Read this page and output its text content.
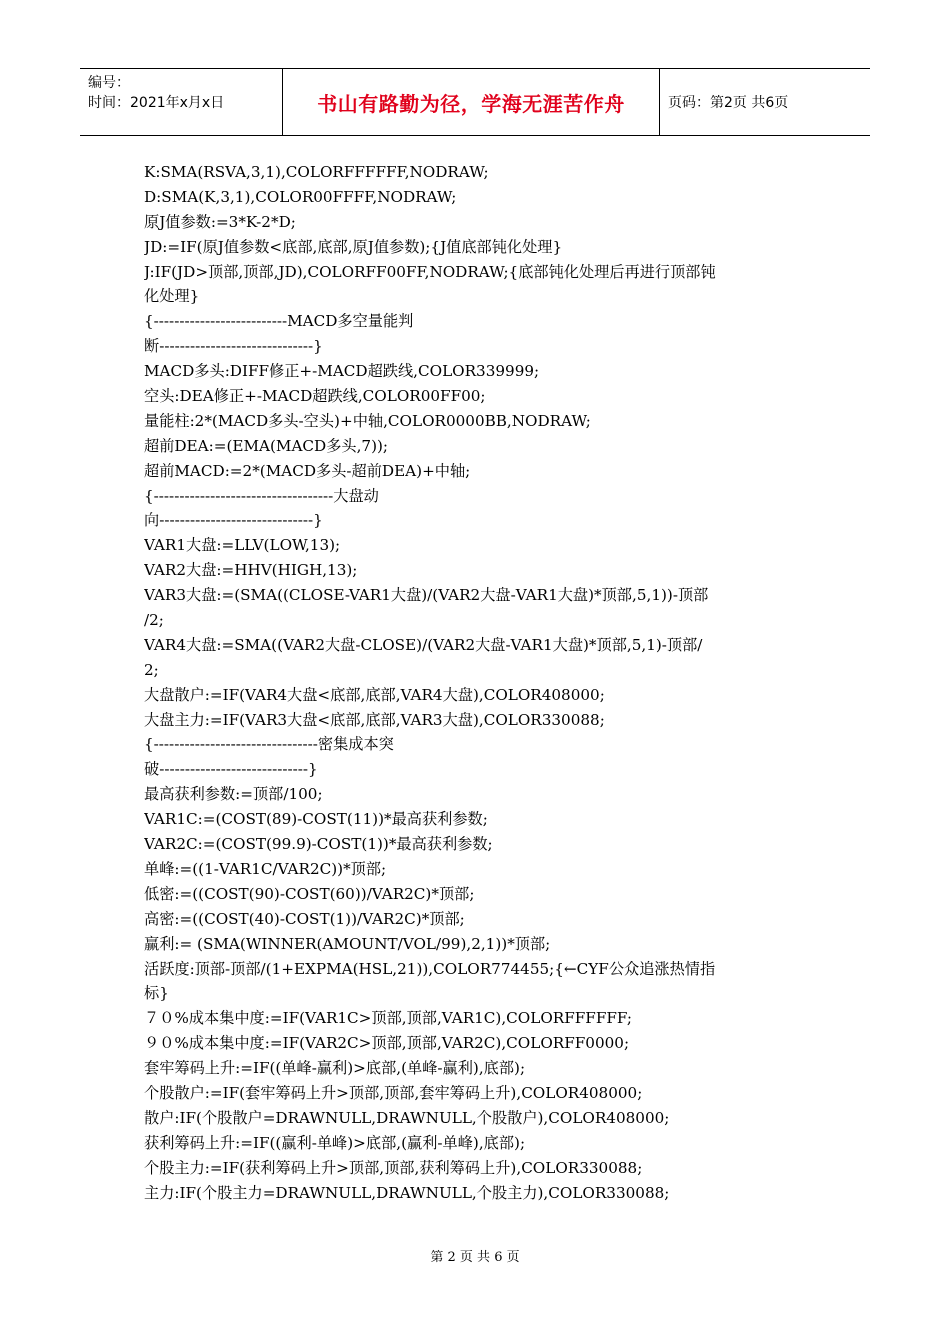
编号：
时间：2021年x月x日	书山有路勤为径，学海无涯苦作舟	页码：第2页 共6页
K:SMA(RSVA,3,1),COLORFFFFFF,NODRAW;
D:SMA(K,3,1),COLOR00FFFF,NODRAW;
原J值参数:=3*K-2*D;
JD:=IF(原J值参数<底部,底部,原J值参数);{J值底部钝化处理}
J:IF(JD>顶部,顶部,JD),COLORFF00FF,NODRAW;{底部钝化处理后再进行顶部钝
化处理}
{--------------------------MACD多空量能判
断------------------------------}
MACD多头:DIFF修正+-MACD超跌线,COLOR339999;
空头:DEA修正+-MACD超跌线,COLOR00FF00;
量能柱:2*(MACD多头-空头)+中轴,COLOR0000BB,NODRAW;
超前DEA:=(EMA(MACD多头,7));
超前MACD:=2*(MACD多头-超前DEA)+中轴;
{-----------------------------------大盘动
向------------------------------}
VAR1大盘:=LLV(LOW,13);
VAR2大盘:=HHV(HIGH,13);
VAR3大盘:=(SMA((CLOSE-VAR1大盘)/(VAR2大盘-VAR1大盘)*顶部,5,1))-顶部
/2;
VAR4大盘:=SMA((VAR2大盘-CLOSE)/(VAR2大盘-VAR1大盘)*顶部,5,1)-顶部/
2;
大盘散户:=IF(VAR4大盘<底部,底部,VAR4大盘),COLOR408000;
大盘主力:=IF(VAR3大盘<底部,底部,VAR3大盘),COLOR330088;
{--------------------------------密集成本突
破-----------------------------}
最高获利参数:=顶部/100;
VAR1C:=(COST(89)-COST(11))*最高获利参数;
VAR2C:=(COST(99.9)-COST(1))*最高获利参数;
单峰:=((1-VAR1C/VAR2C))*顶部;
低密:=((COST(90)-COST(60))/VAR2C)*顶部;
高密:=((COST(40)-COST(1))/VAR2C)*顶部;
赢利:= (SMA(WINNER(AMOUNT/VOL/99),2,1))*顶部;
活跃度:顶部-顶部/(1+EXPMA(HSL,21)),COLOR774455;{←CYF公众追涨热情指
标}
７０%成本集中度:=IF(VAR1C>顶部,顶部,VAR1C),COLORFFFFFF;
９０%成本集中度:=IF(VAR2C>顶部,顶部,VAR2C),COLORFF0000;
套牢筹码上升:=IF((单峰-赢利)>底部,(单峰-赢利),底部);
个股散户:=IF(套牢筹码上升>顶部,顶部,套牢筹码上升),COLOR408000;
散户:IF(个股散户=DRAWNULL,DRAWNULL,个股散户),COLOR408000;
获利筹码上升:=IF((赢利-单峰)>底部,(赢利-单峰),底部);
个股主力:=IF(获利筹码上升>顶部,顶部,获利筹码上升),COLOR330088;
主力:IF(个股主力=DRAWNULL,DRAWNULL,个股主力),COLOR330088;
第 2 页 共 6 页
